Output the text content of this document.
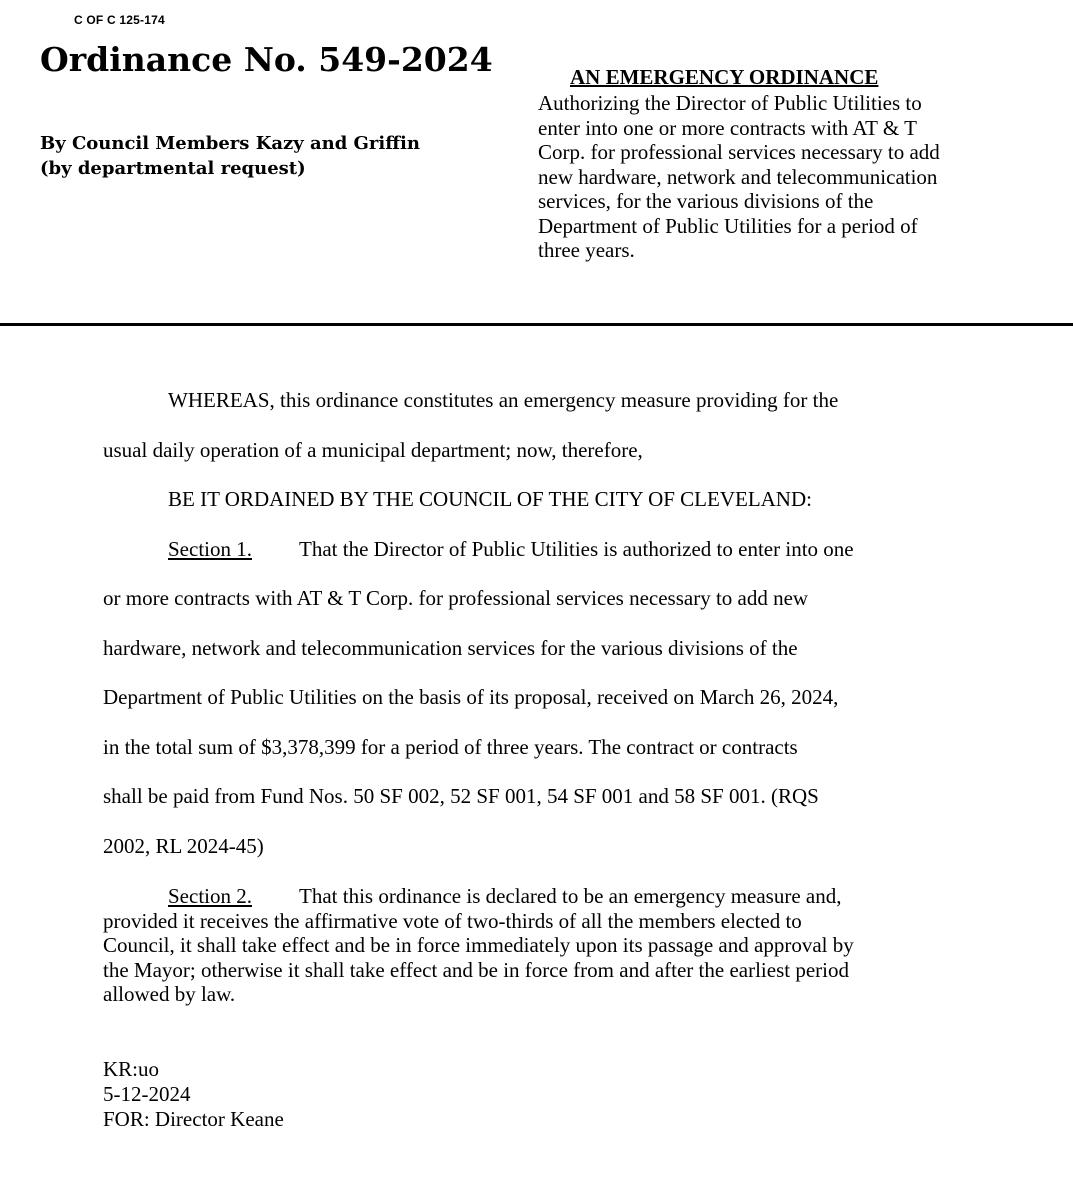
C OF C 125-174
Ordinance No. 549-2024
By Council Members Kazy and Griffin
(by departmental request)
AN EMERGENCY ORDINANCE
Authorizing the Director of Public Utilities to
enter into one or more contracts with AT & T
Corp. for professional services necessary to add
new hardware, network and telecommunication
services, for the various divisions of the
Department of Public Utilities for a period of
three years.
WHEREAS, this ordinance constitutes an emergency measure providing for the
usual daily operation of a municipal department; now, therefore,
BE IT ORDAINED BY THE COUNCIL OF THE CITY OF CLEVELAND:
Section 1. That the Director of Public Utilities is authorized to enter into one
or more contracts with AT & T Corp. for professional services necessary to add new
hardware, network and telecommunication services for the various divisions of the
Department of Public Utilities on the basis of its proposal, received on March 26, 2024,
in the total sum of $3,378,399 for a period of three years. The contract or contracts
shall be paid from Fund Nos. 50 SF 002, 52 SF 001, 54 SF 001 and 58 SF 001. (RQS
2002, RL 2024-45)
Section 2. That this ordinance is declared to be an emergency measure and,
provided it receives the affirmative vote of two-thirds of all the members elected to
Council, it shall take effect and be in force immediately upon its passage and approval by
the Mayor; otherwise it shall take effect and be in force from and after the earliest period
allowed by law.
KR:uo
5-12-2024
FOR: Director Keane
